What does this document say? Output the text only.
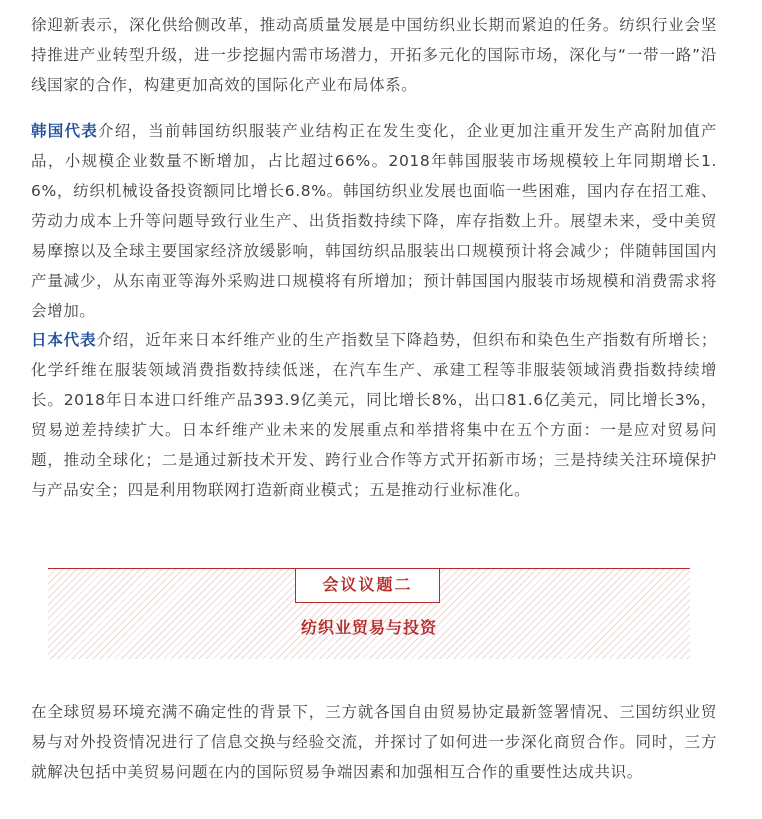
徐迎新表示，深化供给侧改革，推动高质量发展是中国纺织业长期而紧迫的任务。纺织行业会坚持推进产业转型升级，进一步挖掘内需市场潜力，开拓多元化的国际市场，深化与“一带一路”沿线国家的合作，构建更加高效的国际化产业布局体系。

韩国代表介绍，当前韩国纺织服装产业结构正在发生变化，企业更加注重开发生产高附加值产品，小规模企业数量不断增加，占比超过66%。2018年韩国服装市场规模较上年同期增长1.6%，纺织机械设备投资额同比增长6.8%。韩国纺织业发展也面临一些困难，国内存在招工难、劳动力成本上升等问题导致行业生产、出货指数持续下降，库存指数上升。展望未来，受中美贸易摩擦以及全球主要国家经济放缓影响，韩国纺织品服装出口规模预计将会减少；伴随韩国国内产量减少，从东南亚等海外采购进口规模将有所增加；预计韩国国内服装市场规模和消费需求将会增加。

日本代表介绍，近年来日本纤维产业的生产指数呈下降趋势，但织布和染色生产指数有所增长；化学纤维在服装领域消费指数持续低迷，在汽车生产、承建工程等非服装领域消费指数持续增长。2018年日本进口纤维产品393.9亿美元，同比增长8%，出口81.6亿美元，同比增长3%，贸易逆差持续扩大。日本纤维产业未来的发展重点和举措将集中在五个方面：一是应对贸易问题，推动全球化；二是通过新技术开发、跨行业合作等方式开拓新市场；三是持续关注环境保护与产品安全；四是利用物联网打造新商业模式；五是推动行业标准化。

在全球贸易环境充满不确定性的背景下，三方就各国自由贸易协定最新签署情况、三国纺织业贸易与对外投资情况进行了信息交换与经验交流，并探讨了如何进一步深化商贸合作。同时，三方就解决包括中美贸易问题在内的国际贸易争端因素和加强相互合作的重要性达成共识。

会议议题二
纺织业贸易与投资
